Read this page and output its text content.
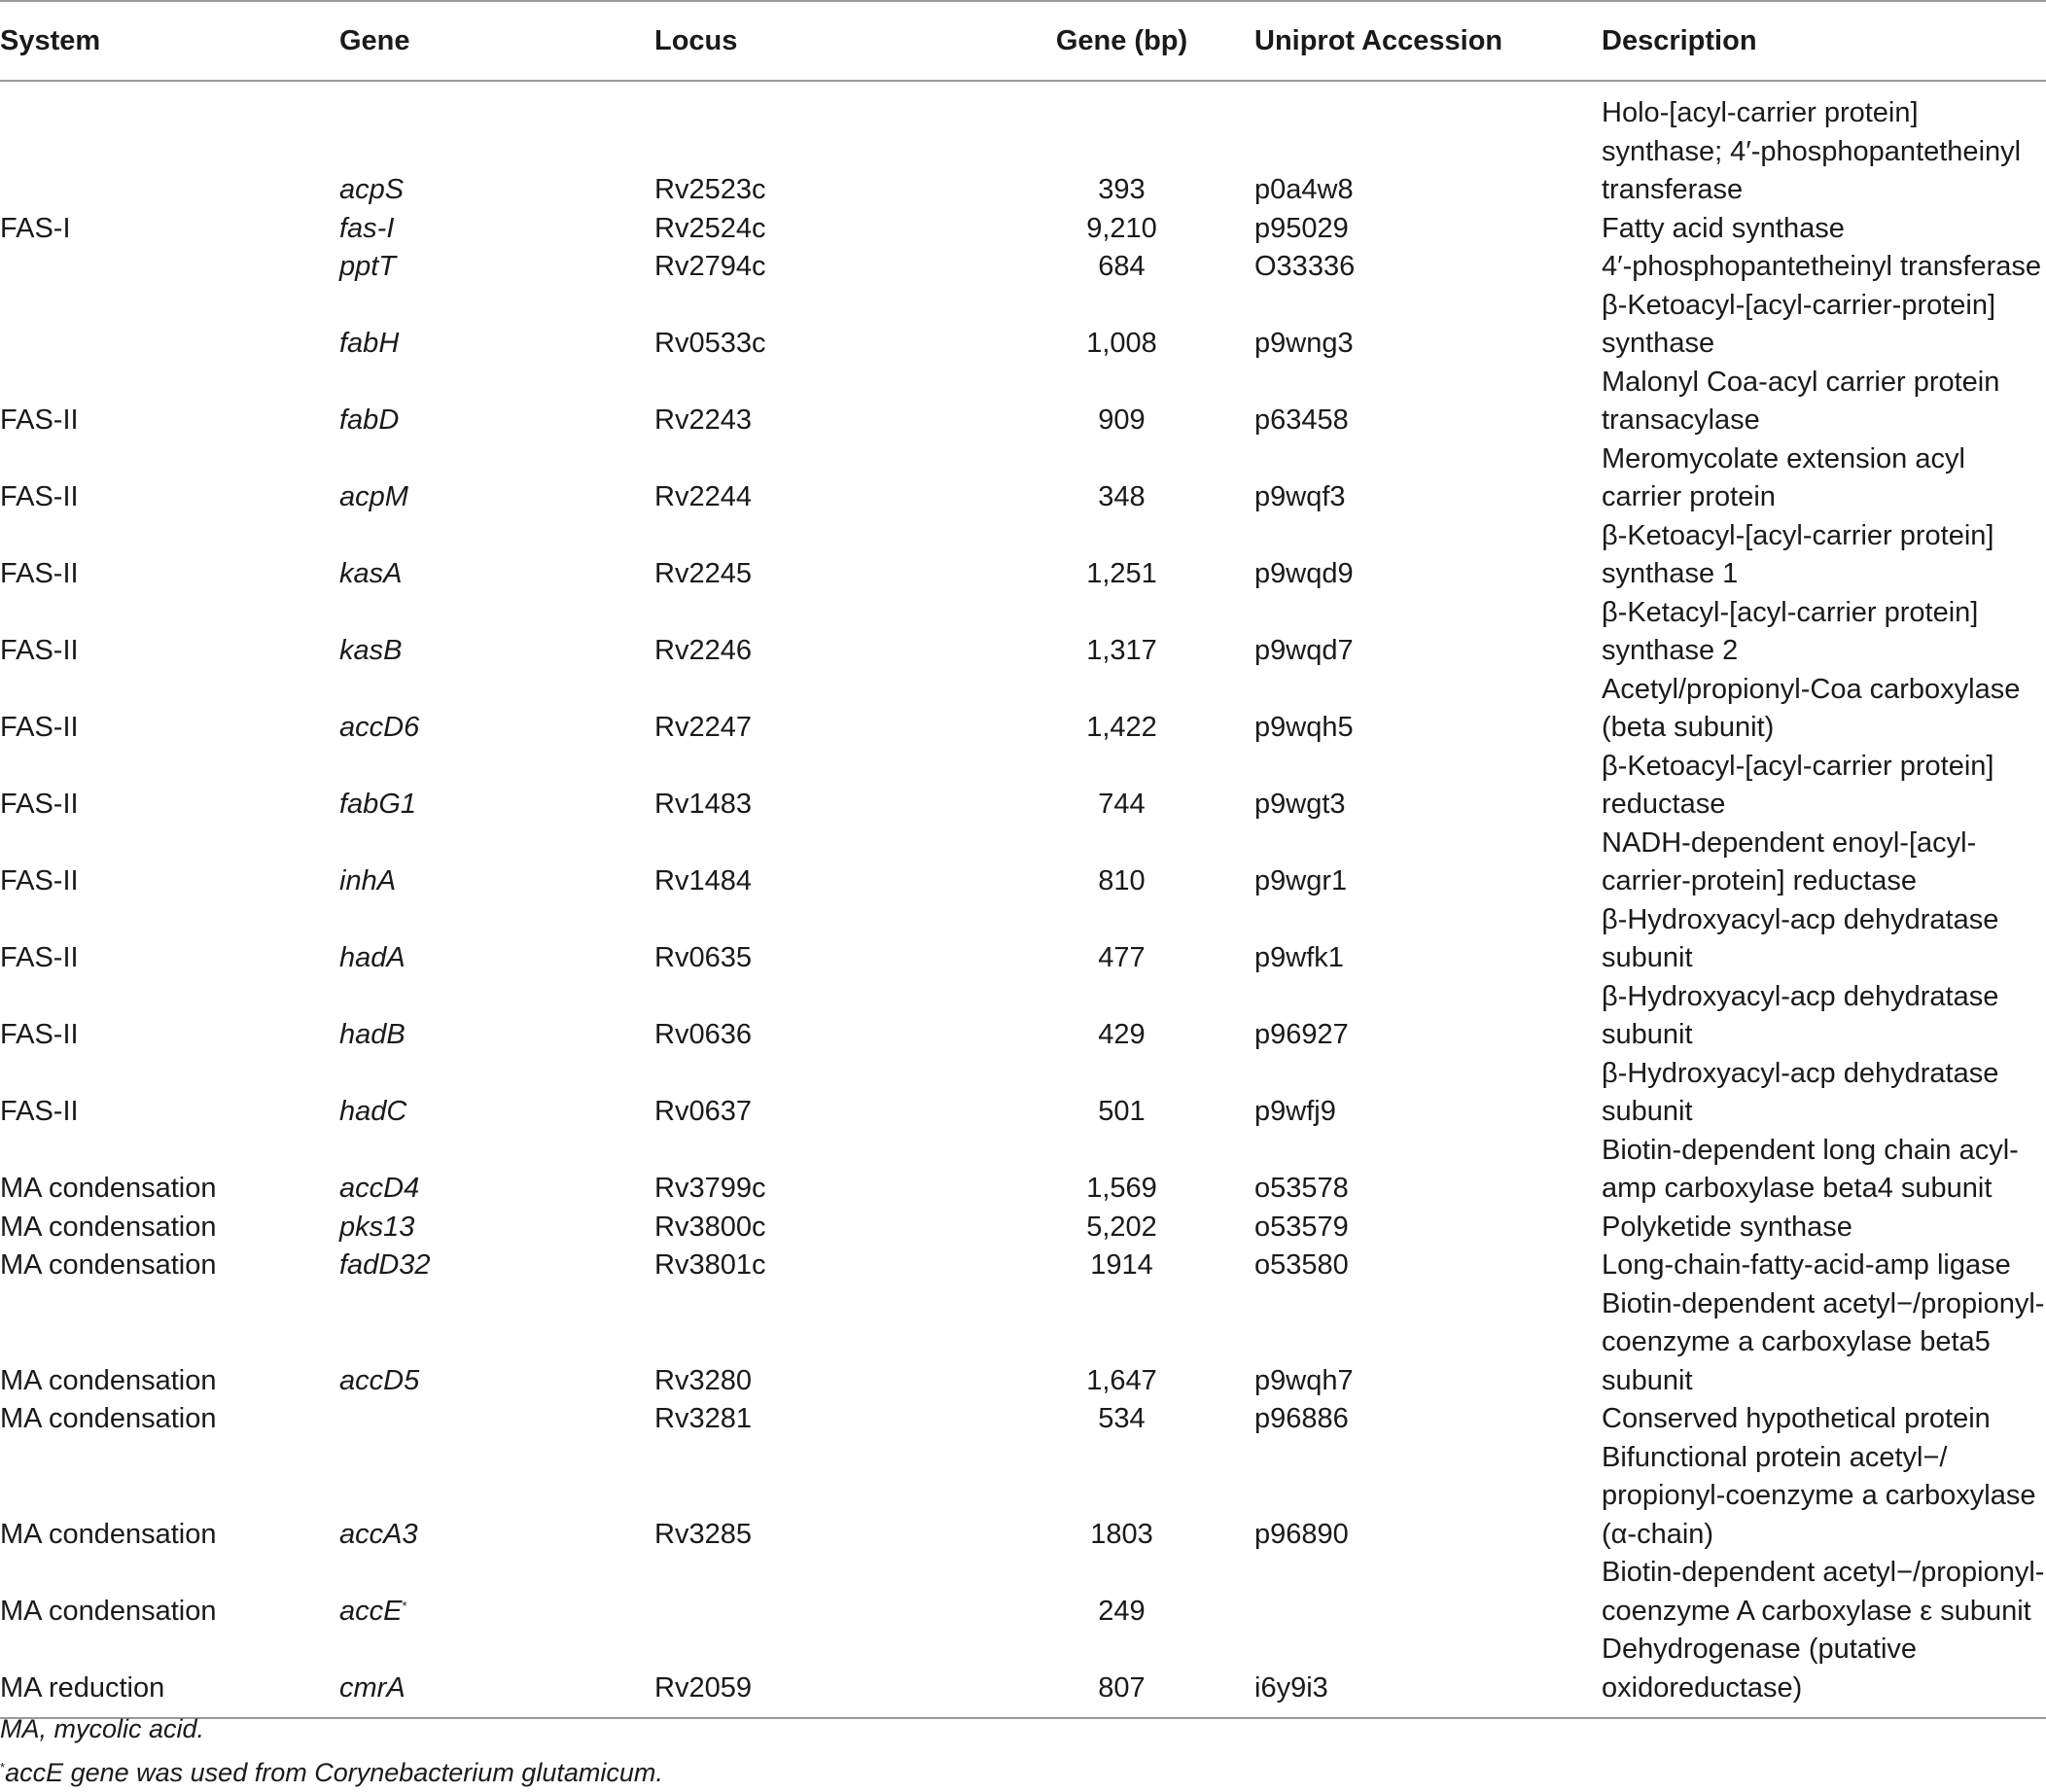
System	Gene	Locus	Gene (bp)	Uniprot Accession	Description
	acpS	Rv2523c	393	p0a4w8	Holo-[acyl-carrier protein] synthase; 4′-phosphopantetheinyl transferase

FAS-I	fas-I	Rv2524c	9,210	p95029	Fatty acid synthase

	pptT	Rv2794c	684	O33336	4′-phosphopantetheinyl transferase

	fabH	Rv0533c	1,008	p9wng3	β-Ketoacyl-[acyl-carrier-protein] synthase

FAS-II	fabD	Rv2243	909	p63458	Malonyl Coa-acyl carrier protein transacylase

FAS-II	acpM	Rv2244	348	p9wqf3	Meromycolate extension acyl carrier protein

FAS-II	kasA	Rv2245	1,251	p9wqd9	β-Ketoacyl-[acyl-carrier protein] synthase 1

FAS-II	kasB	Rv2246	1,317	p9wqd7	β-Ketacyl-[acyl-carrier protein] synthase 2

FAS-II	accD6	Rv2247	1,422	p9wqh5	Acetyl/propionyl-Coa carboxylase (beta subunit)

FAS-II	fabG1	Rv1483	744	p9wgt3	β-Ketoacyl-[acyl-carrier protein] reductase

FAS-II	inhA	Rv1484	810	p9wgr1	NADH-dependent enoyl-[acyl-carrier-protein] reductase

FAS-II	hadA	Rv0635	477	p9wfk1	β-Hydroxyacyl-acp dehydratase subunit

FAS-II	hadB	Rv0636	429	p96927	β-Hydroxyacyl-acp dehydratase subunit

FAS-II	hadC	Rv0637	501	p9wfj9	β-Hydroxyacyl-acp dehydratase subunit

MA condensation	accD4	Rv3799c	1,569	o53578	Biotin-dependent long chain acyl-amp carboxylase beta4 subunit

MA condensation	pks13	Rv3800c	5,202	o53579	Polyketide synthase

MA condensation	fadD32	Rv3801c	1914	o53580	Long-chain-fatty-acid-amp ligase

MA condensation	accD5	Rv3280	1,647	p9wqh7	Biotin-dependent acetyl−/propionyl-coenzyme a carboxylase beta5 subunit

MA condensation		Rv3281	534	p96886	Conserved hypothetical protein

MA condensation	accA3	Rv3285	1803	p96890	Bifunctional protein acetyl−/ propionyl-coenzyme a carboxylase (α-chain)

MA condensation	accE*		249		Biotin-dependent acetyl−/propionyl-coenzyme A carboxylase ε subunit

MA reduction	cmrA	Rv2059	807	i6y9i3	Dehydrogenase (putative oxidoreductase)
MA, mycolic acid.
*accE gene was used from Corynebacterium glutamicum.
